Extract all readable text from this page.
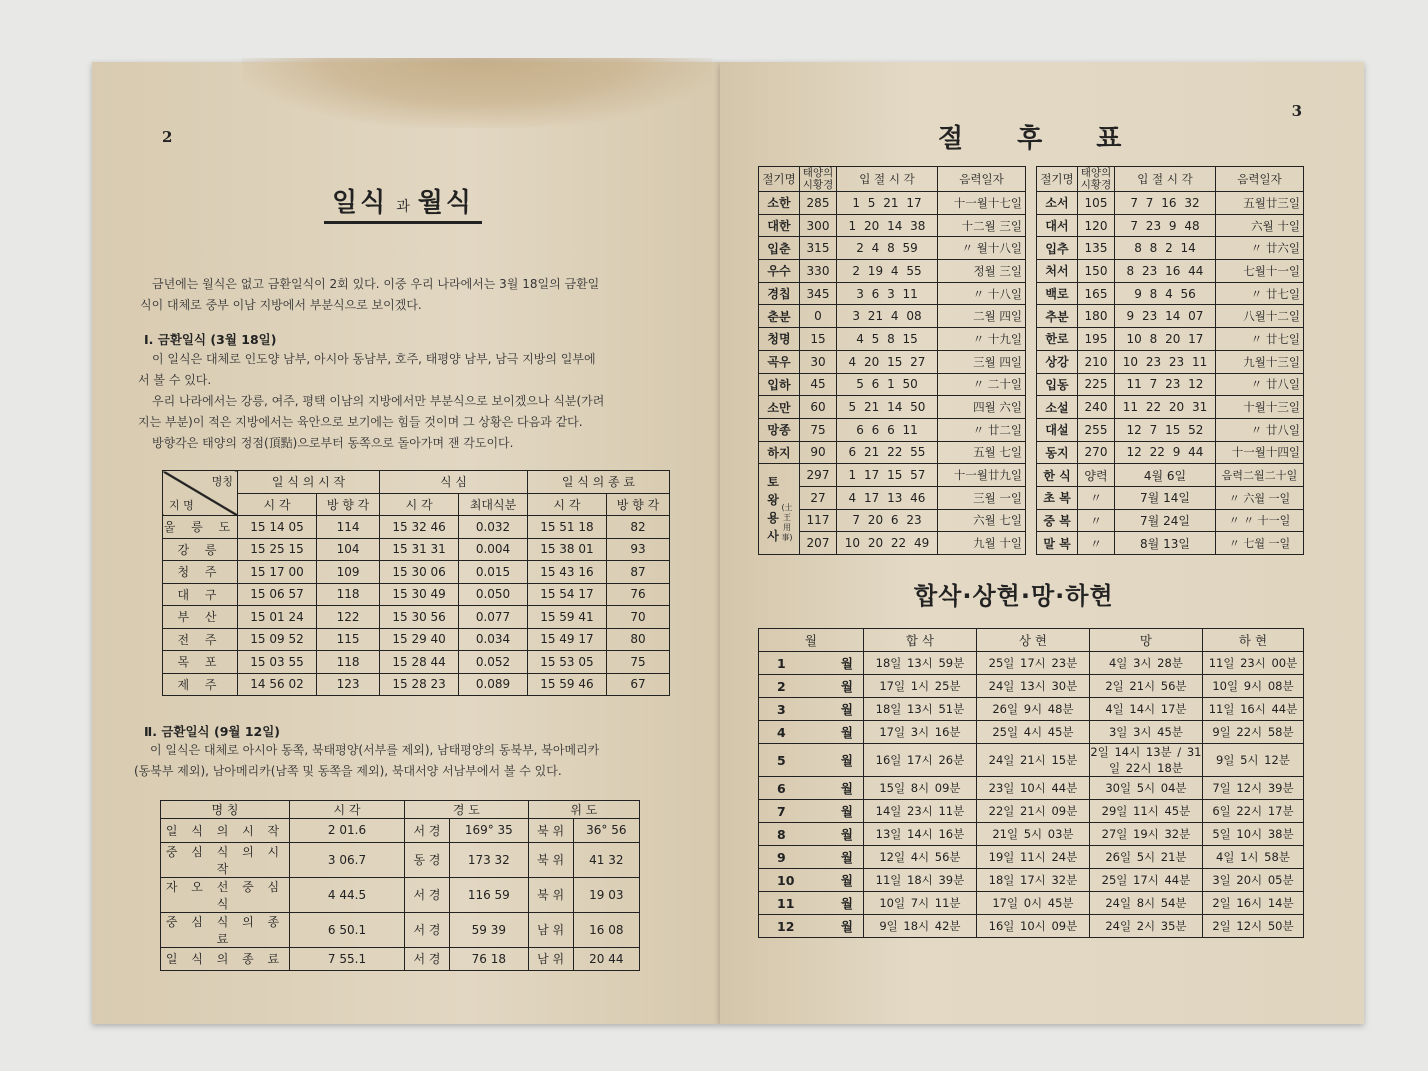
2
일식 과 월식
금년에는 월식은 없고 금환일식이 2회 있다. 이중 우리 나라에서는 3월 18일의 금환일
식이 대체로 중부 이남 지방에서 부분식으로 보이겠다.
Ⅰ. 금환일식 (3월 18일)
이 일식은 대체로 인도양 남부, 아시아 동남부, 호주, 태평양 남부, 남극 지방의 일부에
서 볼 수 있다.
우리 나라에서는 강릉, 여주, 평택 이남의 지방에서만 부분식으로 보이겠으나 식분(가려
지는 부분)이 적은 지방에서는 육안으로 보기에는 힘들 것이며 그 상황은 다음과 같다.
방향각은 태양의 정점(頂點)으로부터 동쪽으로 돌아가며 잰 각도이다.
명칭
지 명	일 식 의 시 작		식 심		일 식 의 종 료	
	시 각	방 향 각	시 각	최대식분	시 각	방 향 각
울 릉 도	15 14 05	114	15 32 46	0.032	15 51 18	82
강 릉	15 25 15	104	15 31 31	0.004	15 38 01	93
청 주	15 17 00	109	15 30 06	0.015	15 43 16	87
대 구	15 06 57	118	15 30 49	0.050	15 54 17	76
부 산	15 01 24	122	15 30 56	0.077	15 59 41	70
전 주	15 09 52	115	15 29 40	0.034	15 49 17	80
목 포	15 03 55	118	15 28 44	0.052	15 53 05	75
제 주	14 56 02	123	15 28 23	0.089	15 59 46	67
Ⅱ. 금환일식 (9월 12일)
이 일식은 대체로 아시아 동쪽, 북태평양(서부를 제외), 남태평양의 동북부, 북아메리카
(동북부 제외), 남아메리카(남쪽 및 동쪽을 제외), 북대서양 서남부에서 볼 수 있다.
명 칭	시 각	경 도		위 도	
일 식 의 시 작	2 01.6	서 경	169° 35	북 위	36° 56
중 심 식 의 시 작	3 06.7	동 경	173 32	북 위	41 32
자 오 선 중 심 식	4 44.5	서 경	116 59	북 위	19 03
중 심 식 의 종 료	6 50.1	서 경	59 39	남 위	16 08
일 식 의 종 료	7 55.1	서 경	76 18	남 위	20 44
3
절후표
절기명	태양의 시황경	입 절 시 각	음력일자
소한	285	1 5 21 17	十一월十七일
대한	300	1 20 14 38	十二월 三일
입춘	315	2 4 8 59	〃 월十八일
우수	330	2 19 4 55	정월 三일
경칩	345	3 6 3 11	〃 十八일
춘분	0	3 21 4 08	二월 四일
청명	15	4 5 8 15	〃 十九일
곡우	30	4 20 15 27	三월 四일
입하	45	5 6 1 50	〃 二十일
소만	60	5 21 14 50	四월 六일
망종	75	6 6 6 11	〃 廿二일
하지	90	6 21 22 55	五월 七일
토왕용사(土王用事)	297	1 17 15 57	十一월廿九일
	27	4 17 13 46	三월 一일
	117	7 20 6 23	六월 七일
	207	10 20 22 49	九월 十일
절기명	태양의 시황경	입 절 시 각	음력일자
소서	105	7 7 16 32	五월廿三일
대서	120	7 23 9 48	六월 十일
입추	135	8 8 2 14	〃 廿六일
처서	150	8 23 16 44	七월十一일
백로	165	9 8 4 56	〃 廿七일
추분	180	9 23 14 07	八월十二일
한로	195	10 8 20 17	〃 廿七일
상강	210	10 23 23 11	九월十三일
입동	225	11 7 23 12	〃 廿八일
소설	240	11 22 20 31	十월十三일
대설	255	12 7 15 52	〃 廿八일
동지	270	12 22 9 44	十一월十四일
한 식	양력	4월 6일	음력二월二十일
초 복	〃	7월 14일	〃 六월 一일
중 복	〃	7월 24일	〃 〃 十一일
말 복	〃	8월 13일	〃 七월 一일
합삭·상현·망·하현
월		합 삭	상 현	망	하 현
1	월	18일 13시 59분	25일 17시 23분	4일 3시 28분	11일 23시 00분
2	월	17일 1시 25분	24일 13시 30분	2일 21시 56분	10일 9시 08분
3	월	18일 13시 51분	26일 9시 48분	4일 14시 17분	11일 16시 44분
4	월	17일 3시 16분	25일 4시 45분	3일 3시 45분	9일 22시 58분
5	월	16일 17시 26분	24일 21시 15분	2일 14시 13분 / 31일 22시 18분	9일 5시 12분
6	월	15일 8시 09분	23일 10시 44분	30일 5시 04분	7일 12시 39분
7	월	14일 23시 11분	22일 21시 09분	29일 11시 45분	6일 22시 17분
8	월	13일 14시 16분	21일 5시 03분	27일 19시 32분	5일 10시 38분
9	월	12일 4시 56분	19일 11시 24분	26일 5시 21분	4일 1시 58분
10	월	11일 18시 39분	18일 17시 32분	25일 17시 44분	3일 20시 05분
11	월	10일 7시 11분	17일 0시 45분	24일 8시 54분	2일 16시 14분
12	월	9일 18시 42분	16일 10시 09분	24일 2시 35분	2일 12시 50분
